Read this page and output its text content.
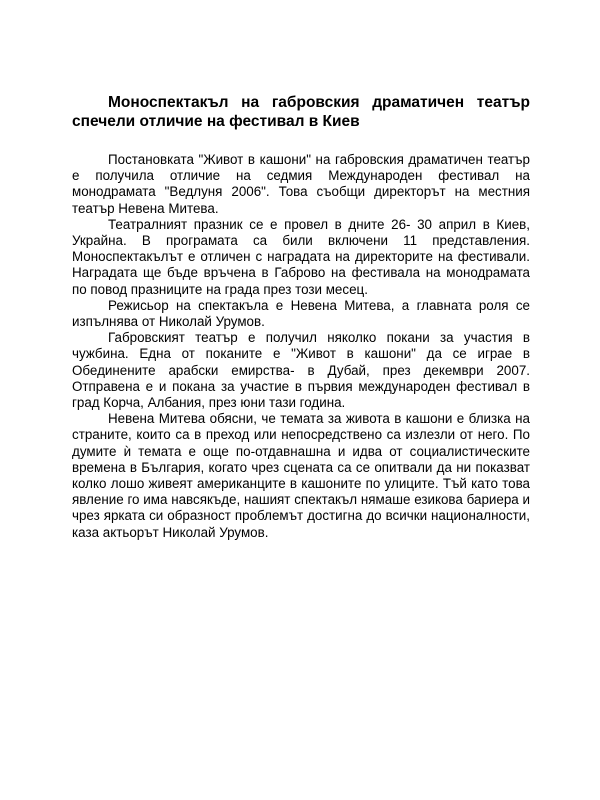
Моноспектакъл на габровския драматичен театър спечели отличие на фестивал в Киев

Постановката "Живот в кашони" на габровския драматичен театър е получила отличие на седмия Международен фестивал на монодрамата "Ведлуня 2006". Това съобщи директорът на местния театър Невена Митева.

Театралният празник се е провел в дните 26- 30 април в Киев, Украйна. В програмата са били включени 11 представления. Моноспектакълът е отличен с наградата на директорите на фестивали. Наградата ще бъде връчена в Габрово на фестивала на монодрамата по повод празниците на града през този месец.

Режисьор на спектакъла е Невена Митева, а главната роля се изпълнява от Николай Урумов.

Габровският театър е получил няколко покани за участия в чужбина. Една от поканите е "Живот в кашони" да се играе в Обединените арабски емирства- в Дубай, през декември 2007. Отправена е и покана за участие в първия международен фестивал в град Корча, Албания, през юни тази година.

Невена Митева обясни, че темата за живота в кашони е близка на страните, които са в преход или непосредствено са излезли от него. По думите ѝ темата е още по-отдавнашна и идва от социалистическите времена в България, когато чрез сцената са се опитвали да ни показват колко лошо живеят американците в кашоните по улиците. Тъй като това явление го има навсякъде, нашият спектакъл нямаше езикова бариера и чрез ярката си образност проблемът достигна до всички националности, каза актьорът Николай Урумов.
